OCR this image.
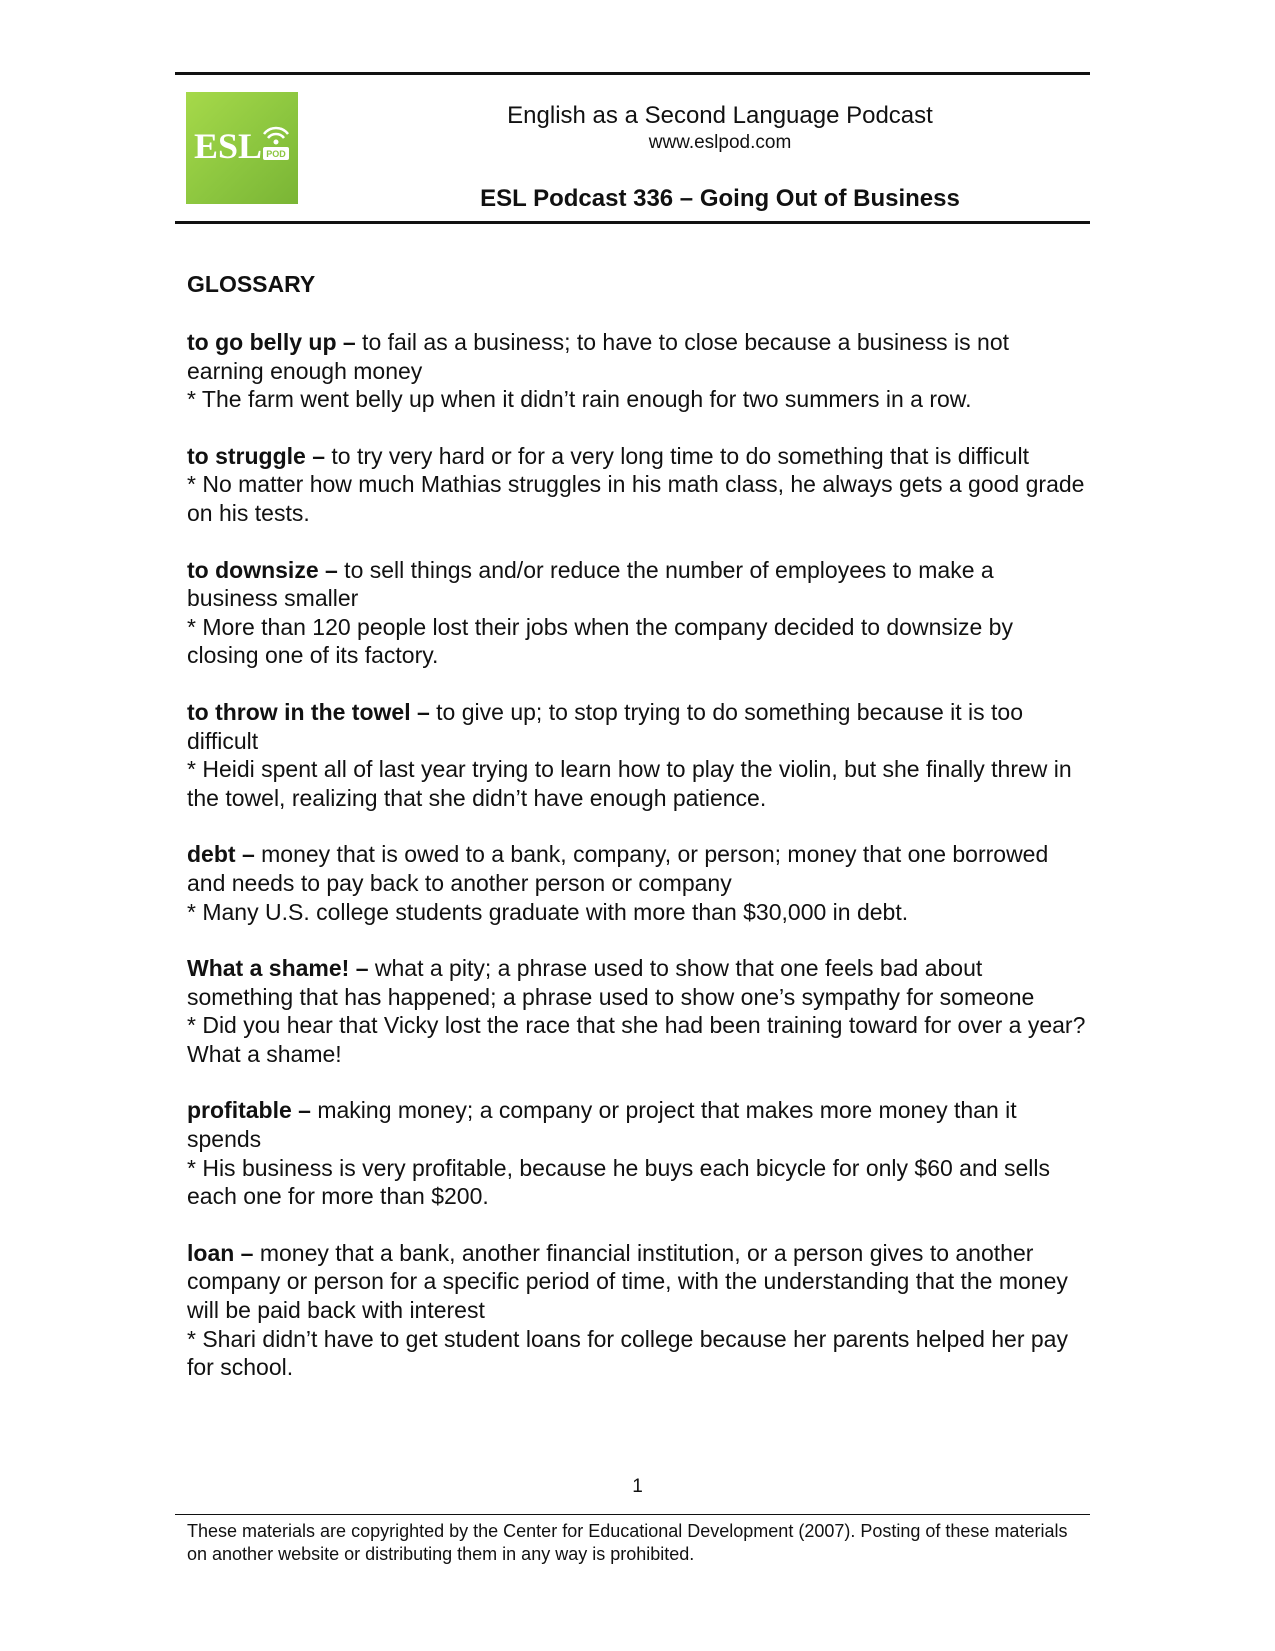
ESL POD
English as a Second Language Podcast
www.eslpod.com
ESL Podcast 336 – Going Out of Business
GLOSSARY
to go belly up – to fail as a business; to have to close because a business is not earning enough money
* The farm went belly up when it didn’t rain enough for two summers in a row.
to struggle – to try very hard or for a very long time to do something that is difficult
* No matter how much Mathias struggles in his math class, he always gets a good grade on his tests.
to downsize – to sell things and/or reduce the number of employees to make a business smaller
* More than 120 people lost their jobs when the company decided to downsize by closing one of its factory.
to throw in the towel – to give up; to stop trying to do something because it is too difficult
* Heidi spent all of last year trying to learn how to play the violin, but she finally threw in the towel, realizing that she didn’t have enough patience.
debt – money that is owed to a bank, company, or person; money that one borrowed and needs to pay back to another person or company
* Many U.S. college students graduate with more than $30,000 in debt.
What a shame! – what a pity; a phrase used to show that one feels bad about something that has happened; a phrase used to show one’s sympathy for someone
* Did you hear that Vicky lost the race that she had been training toward for over a year? What a shame!
profitable – making money; a company or project that makes more money than it spends
* His business is very profitable, because he buys each bicycle for only $60 and sells each one for more than $200.
loan – money that a bank, another financial institution, or a person gives to another company or person for a specific period of time, with the understanding that the money will be paid back with interest
* Shari didn’t have to get student loans for college because her parents helped her pay for school.
1
These materials are copyrighted by the Center for Educational Development (2007). Posting of these materials on another website or distributing them in any way is prohibited.
